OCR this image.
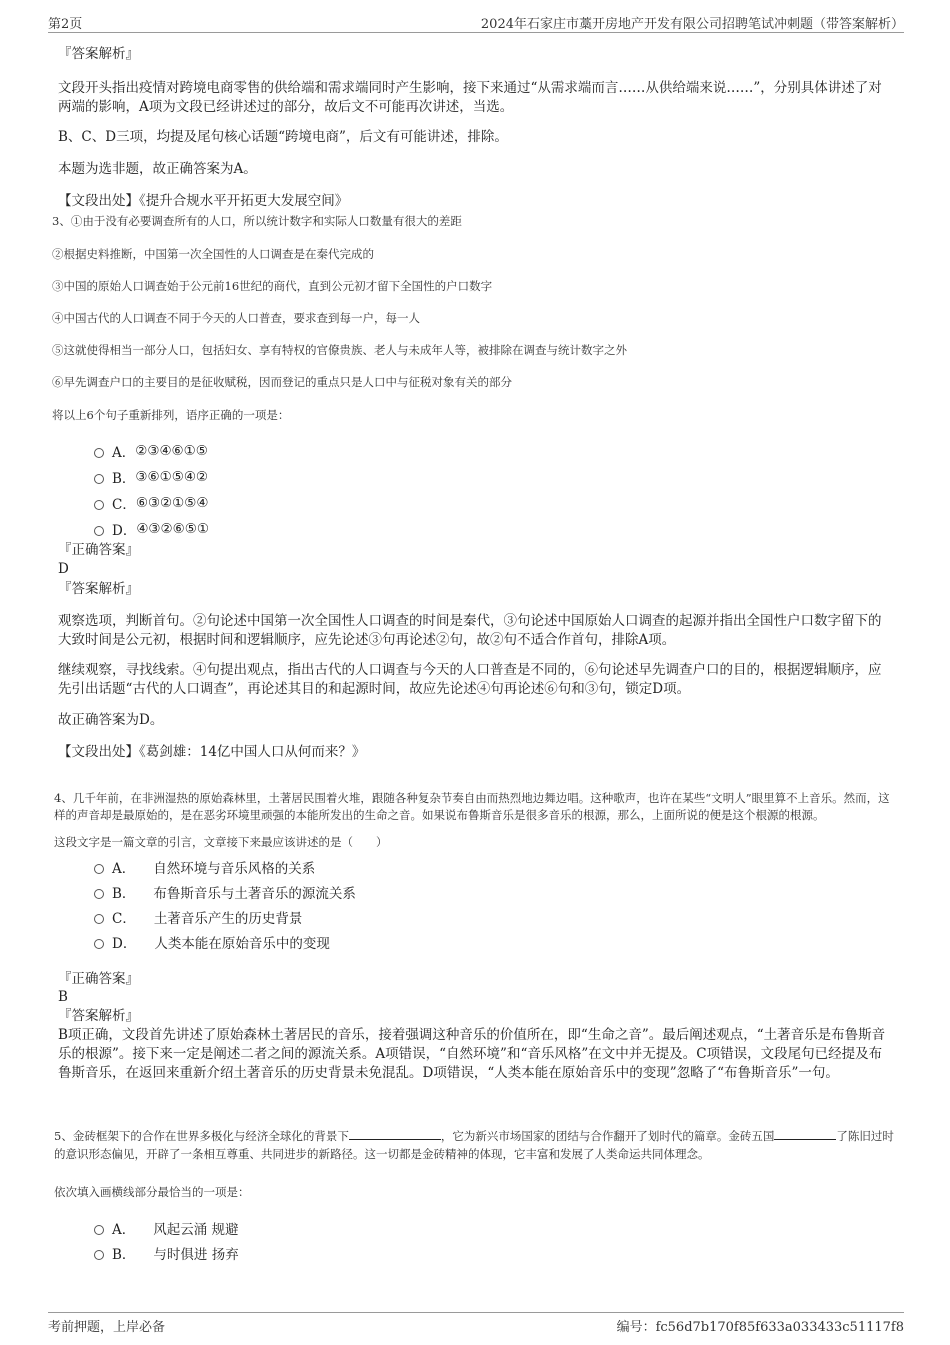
第2页	2024年石家庄市藁开房地产开发有限公司招聘笔试冲刺题（带答案解析）
『答案解析』

文段开头指出疫情对跨境电商零售的供给端和需求端同时产生影响，接下来通过“从需求端而言……从供给端来说……”，分别具体讲述了对两端的影响，A项为文段已经讲述过的部分，故后文不可能再次讲述，当选。

B、C、D三项，均提及尾句核心话题“跨境电商”，后文有可能讲述，排除。

本题为选非题，故正确答案为A。

【文段出处】《提升合规水平开拓更大发展空间》
3、①由于没有必要调查所有的人口，所以统计数字和实际人口数量有很大的差距
②根据史料推断，中国第一次全国性的人口调查是在秦代完成的
③中国的原始人口调查始于公元前16世纪的商代，直到公元初才留下全国性的户口数字
④中国古代的人口调查不同于今天的人口普查，要求查到每一户，每一人
⑤这就使得相当一部分人口，包括妇女、享有特权的官僚贵族、老人与未成年人等，被排除在调查与统计数字之外
⑥早先调查户口的主要目的是征收赋税，因而登记的重点只是人口中与征税对象有关的部分
将以上6个句子重新排列，语序正确的一项是：
A． ②③④⑥①⑤
B． ③⑥①⑤④②
C． ⑥③②①⑤④
D． ④③②⑥⑤①
『正确答案』
D
『答案解析』

观察选项，判断首句。②句论述中国第一次全国性人口调查的时间是秦代，③句论述中国原始人口调查的起源并指出全国性户口数字留下的大致时间是公元初，根据时间和逻辑顺序，应先论述③句再论述②句，故②句不适合作首句，排除A项。

继续观察，寻找线索。④句提出观点，指出古代的人口调查与今天的人口普查是不同的，⑥句论述早先调查户口的目的，根据逻辑顺序，应先引出话题“古代的人口调查”，再论述其目的和起源时间，故应先论述④句再论述⑥句和③句，锁定D项。

故正确答案为D。

【文段出处】《葛剑雄：14亿中国人口从何而来？》

4、几千年前，在非洲湿热的原始森林里，土著居民围着火堆，跟随各种复杂节奏自由而热烈地边舞边唱。这种歌声，也许在某些“文明人”眼里算不上音乐。然而，这样的声音却是最原始的，是在恶劣环境里顽强的本能所发出的生命之音。如果说布鲁斯音乐是很多音乐的根源，那么，上面所说的便是这个根源的根源。

这段文字是一篇文章的引言，文章接下来最应该讲述的是（　　）
A． 自然环境与音乐风格的关系
B． 布鲁斯音乐与土著音乐的源流关系
C． 土著音乐产生的历史背景
D． 人类本能在原始音乐中的变现
『正确答案』
B
『答案解析』

B项正确，文段首先讲述了原始森林土著居民的音乐，接着强调这种音乐的价值所在，即“生命之音”。最后阐述观点，“土著音乐是布鲁斯音乐的根源”。接下来一定是阐述二者之间的源流关系。A项错误，“自然环境”和“音乐风格”在文中并无提及。C项错误，文段尾句已经提及布鲁斯音乐，在返回来重新介绍土著音乐的历史背景未免混乱。D项错误，“人类本能在原始音乐中的变现”忽略了“布鲁斯音乐”一句。

5、金砖框架下的合作在世界多极化与经济全球化的背景下	，它为新兴市场国家的团结与合作翻开了划时代的篇章。金砖五国	了陈旧过时的意识形态偏见，开辟了一条相互尊重、共同进步的新路径。这一切都是金砖精神的体现，它丰富和发展了人类命运共同体理念。

依次填入画横线部分最恰当的一项是：
A． 风起云涌 规避
B． 与时俱进 扬弃
考前押题，上岸必备	编号：fc56d7b170f85f633a033433c51117f8
